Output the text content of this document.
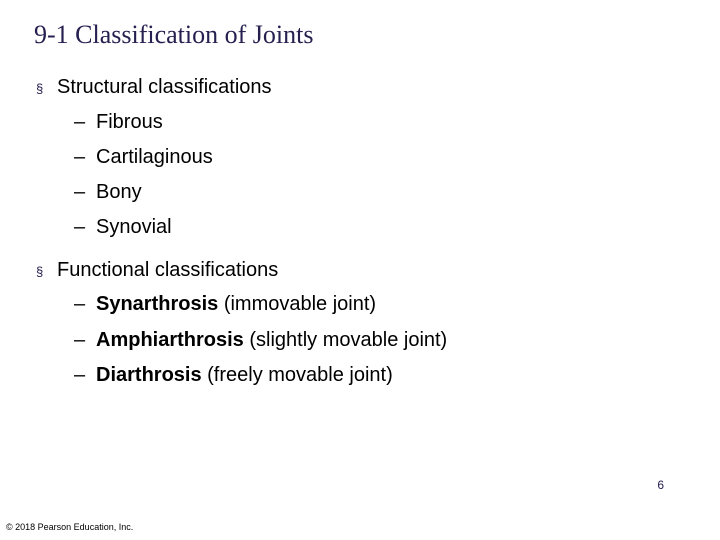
9-1 Classification of Joints
§ Structural classifications
– Fibrous
– Cartilaginous
– Bony
– Synovial
§ Functional classifications
– Synarthrosis (immovable joint)
– Amphiarthrosis (slightly movable joint)
– Diarthrosis (freely movable joint)
6
© 2018 Pearson Education, Inc.
